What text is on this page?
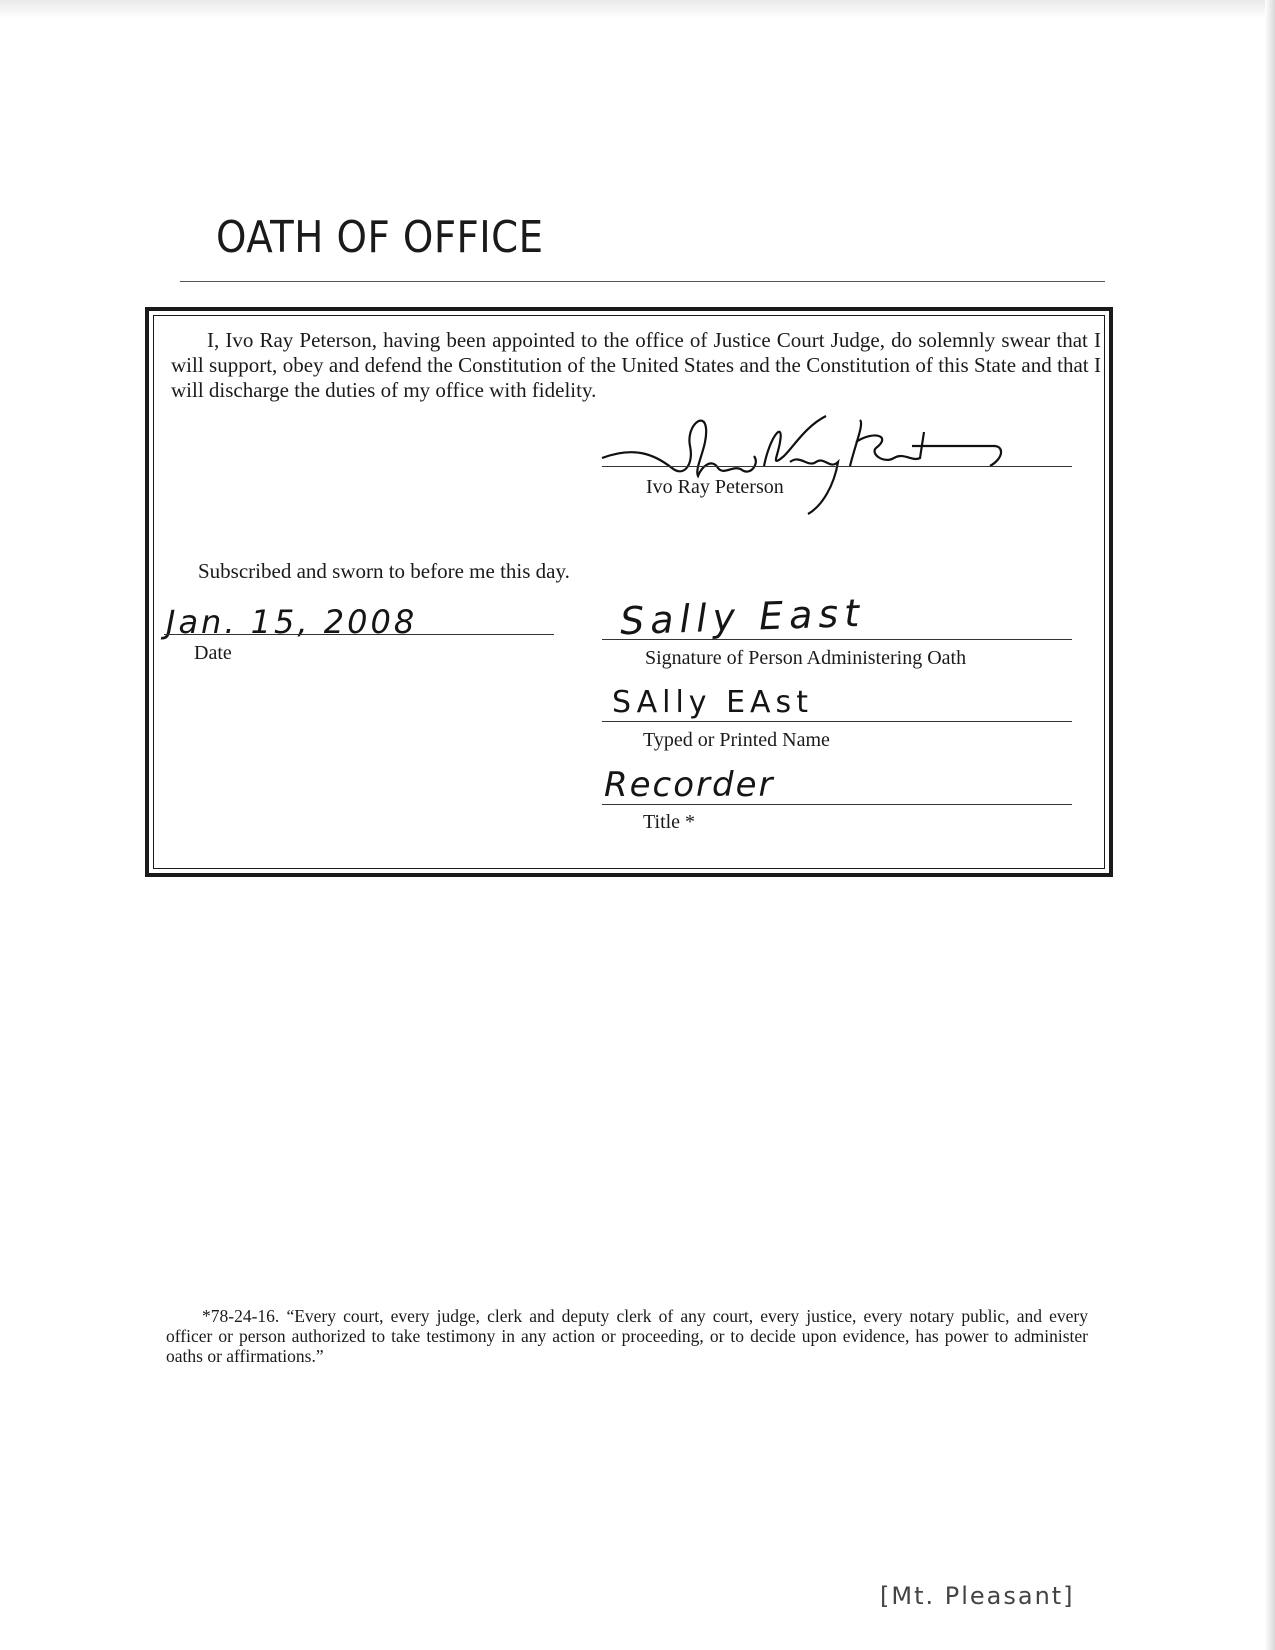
OATH OF OFFICE

I, Ivo Ray Peterson, having been appointed to the office of Justice Court Judge, do solemnly swear that I will support, obey and defend the Constitution of the United States and the Constitution of this State and that I will discharge the duties of my office with fidelity.

Ivo Ray Pete Ivo Ray Peterson
Subscribed and sworn to before me this day.
Jan. 15, 2008
Date
Sally East
Signature of Person Administering Oath
SAlly EAst
Typed or Printed Name
Recorder
Title *

*78-24-16. “Every court, every judge, clerk and deputy clerk of any court, every justice, every notary public, and every officer or person authorized to take testimony in any action or proceeding, or to decide upon evidence, has power to administer oaths or affirmations.”

[Mt. Pleasant]
